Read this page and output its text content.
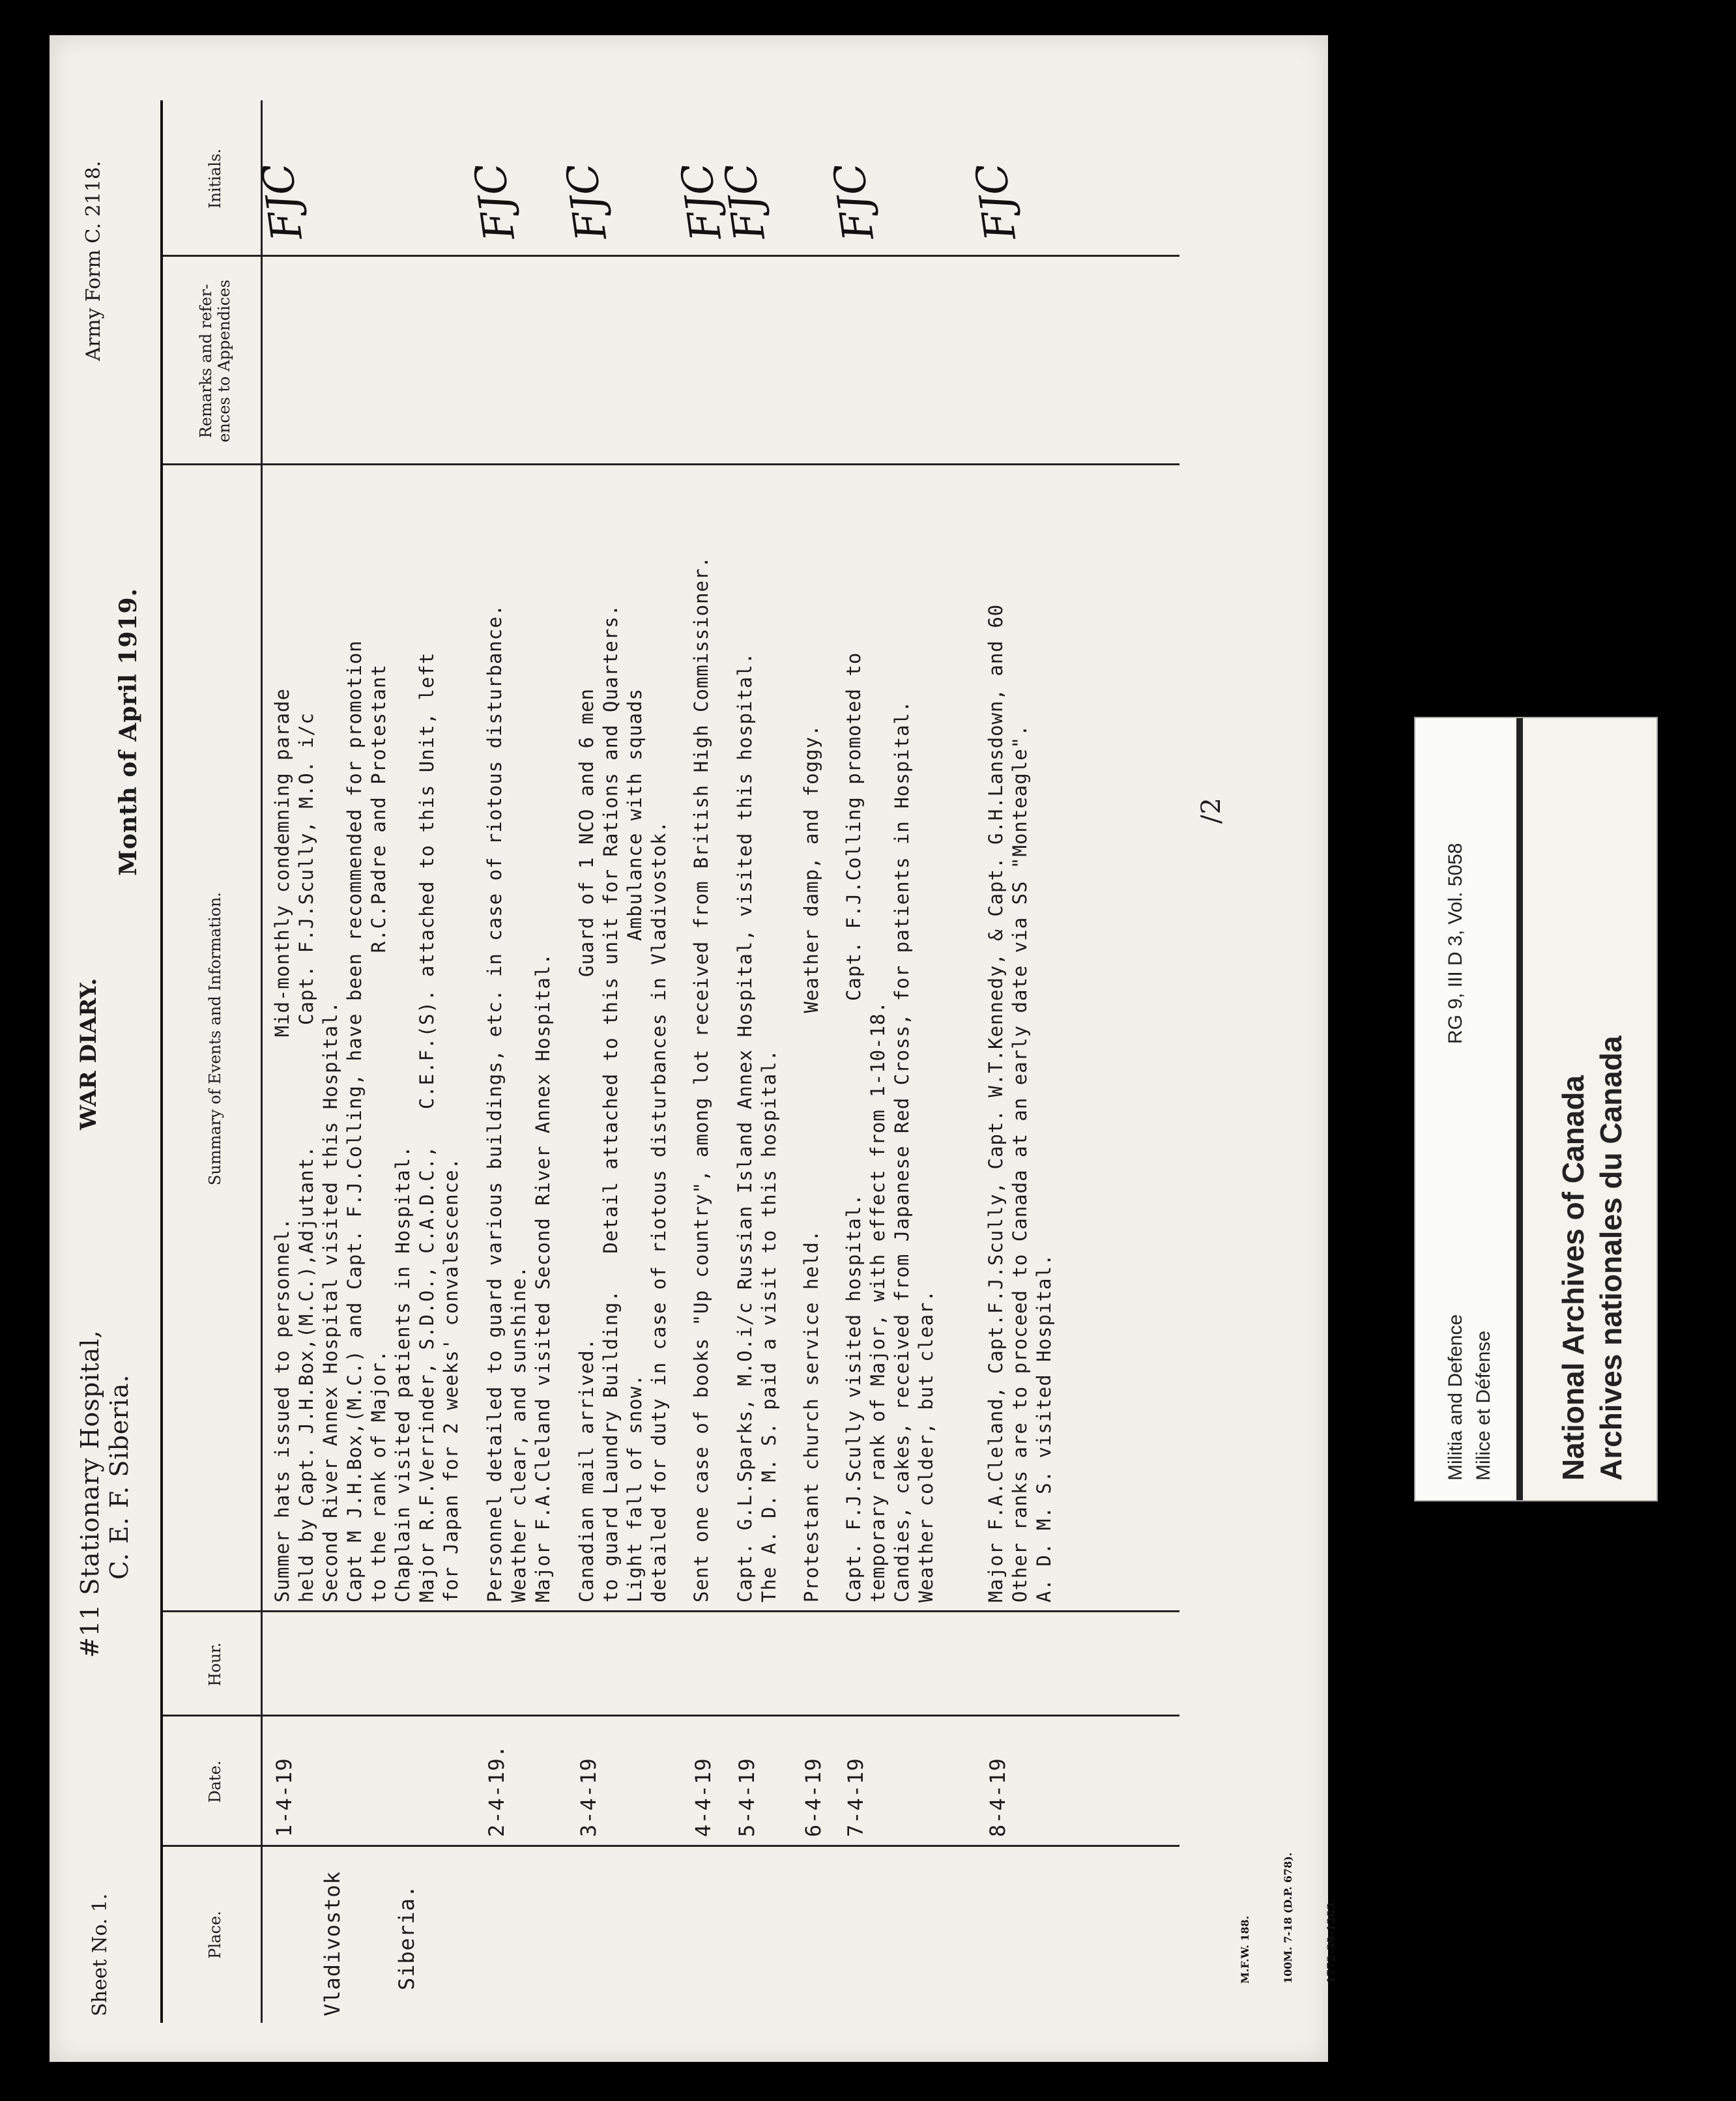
Sheet No. 1.
#11 Stationary Hospital, C. E. F. Siberia.
WAR DIARY.
Month of April 1919.
Army Form C. 2118.
Place.
Date.
Hour.
Summary of Events and Information.
Remarks and refer- ences to Appendices
Initials.

Vladivostok

Siberia.

1-4-19
Summer hats issued to personnel.               Mid-monthly condemning parade held by Capt. J.H.Box,(M.C.),Adjutant.          Capt. F.J.Scully, M.O. i/c Second River Annex Hospital visited this Hospital. Capt M J.H.Box,(M.C.) and Capt. F.J.Colling, have been recommended for promotion to the rank of Major.                                 R.C.Padre and Protestant Chaplain visited patients in Hospital. Major R.F.Verrinder, S.D.O., C.A.D.C.,   C.E.F.(S). attached to this Unit, left for Japan for 2 weeks' convalescence.
FJC
2-4-19.
Personnel detailed to guard various buildings, etc. in case of riotous disturbance. Weather clear, and sunshine. Major F.A.Cleland visited Second River Annex Hospital.
FJC
3-4-19
Canadian mail arrived.                              Guard of 1 NCO and 6 men to guard Laundry Building.   Detail attached to this unit for Rations and Quarters. Light fall of snow.                                    Ambulance with squads detailed for duty in case of riotous disturbances in Vladivostok.
FJC
4-4-19
Sent one case of books "Up country", among lot received from British High Commissioner.
FJC
5-4-19
Capt. G.L.Sparks, M.O.i/c Russian Island Annex Hospital, visited this hospital. The A. D. M. S. paid a visit to this hospital.
FJC
6-4-19
Protestant church service held.                  Weather damp, and foggy.
7-4-19
Capt. F.J.Scully visited hospital.                Capt. F.J.Colling promoted to temporary rank of Major, with effect from 1-10-18. Candies, cakes, received from Japanese Red Cross, for patients in Hospital. Weather colder, but clear.
FJC
8-4-19
Major F.A.Cleland, Capt.F.J.Scully, Capt. W.T.Kennedy, & Capt. G.H.Lansdown, and 60 Other ranks are to proceed to Canada at an early date via SS "Monteagle". A. D. M. S. visited Hospital.
FJC
/2

M.F.W. 188.

	100M. 7-18 (D.P. 678).

	1772-39-1283.

Militia and Defence Milice et Défense
RG 9, III D 3, Vol. 5058
National Archives of Canada Archives nationales du Canada
